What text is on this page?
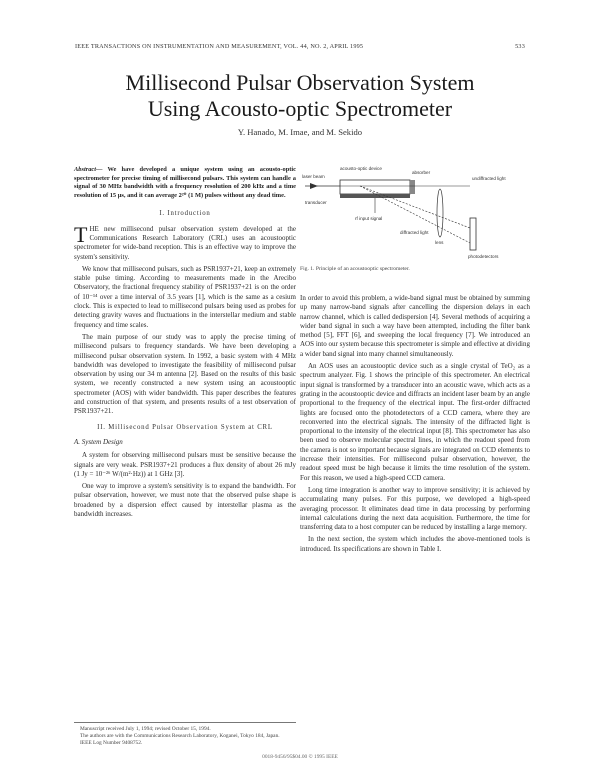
IEEE TRANSACTIONS ON INSTRUMENTATION AND MEASUREMENT, VOL. 44, NO. 2, APRIL 1995	533
Millisecond Pulsar Observation System
Using Acousto-optic Spectrometer
Y. Hanado, M. Imae, and M. Sekido
Abstract— We have developed a unique system using an acousto-optic spectrometer for precise timing of millisecond pulsars. This system can handle a signal of 30 MHz bandwidth with a frequency resolution of 200 kHz and a time resolution of 15 µs, and it can average 2²⁰ (1 M) pulses without any dead time.
I. Introduction

THE new millisecond pulsar observation system developed at the Communications Research Laboratory (CRL) uses an acoustooptic spectrometer for wide-band reception. This is an effective way to improve the system's sensitivity.

We know that millisecond pulsars, such as PSR1937+21, keep an extremely stable pulse timing. According to measurements made in the Arecibo Observatory, the fractional frequency stability of PSR1937+21 is on the order of 10⁻¹⁴ over a time interval of 3.5 years [1], which is the same as a cesium clock. This is expected to lead to millisecond pulsars being used as probes for detecting gravity waves and fluctuations in the interstellar medium and stable frequency and time scales.

The main purpose of our study was to apply the precise timing of millisecond pulsars to frequency standards. We have been developing a millisecond pulsar observation system. In 1992, a basic system with 4 MHz bandwidth was developed to investigate the feasibility of millisecond pulsar observation by using our 34 m antenna [2]. Based on the results of this basic system, we recently constructed a new system using an acoustooptic spectrometer (AOS) with wider bandwidth. This paper describes the features and construction of that system, and presents results of a test observation of PSR1937+21.

II. Millisecond Pulsar Observation System at CRL
A. System Design

A system for observing millisecond pulsars must be sensitive because the signals are very weak. PSR1937+21 produces a flux density of about 26 mJy (1 Jy = 10⁻²⁶ W/(m²·Hz)) at 1 GHz [3].

One way to improve a system's sensitivity is to expand the bandwidth. For pulsar observation, however, we must note that the observed pulse shape is broadened by a dispersion effect caused by interstellar plasma as the bandwidth increases.

acousto-optic device
laser beam
transducer
absorber
lens
rf input signal
undiffracted light
diffracted light
photodetectors
Fig. 1. Principle of an acoustooptic spectrometer.

In order to avoid this problem, a wide-band signal must be obtained by summing up many narrow-band signals after cancelling the dispersion delays in each narrow channel, which is called dedispersion [4]. Several methods of acquiring a wider band signal in such a way have been attempted, including the filter bank method [5], FFT [6], and sweeping the local frequency [7]. We introduced an AOS into our system because this spectrometer is simple and effective at dividing a wider band signal into many channel simultaneously.

An AOS uses an acoustooptic device such as a single crystal of TeO₂ as a spectrum analyzer. Fig. 1 shows the principle of this spectrometer. An electrical input signal is transformed by a transducer into an acoustic wave, which acts as a grating in the acoustooptic device and diffracts an incident laser beam by an angle proportional to the frequency of the electrical input. The first-order diffracted lights are focused onto the photodetectors of a CCD camera, where they are reconverted into the electrical signals. The intensity of the diffracted light is proportional to the intensity of the electrical input [8]. This spectrometer has also been used to observe molecular spectral lines, in which the readout speed from the camera is not so important because signals are integrated on CCD elements to increase their intensities. For millisecond pulsar observation, however, the readout speed must be high because it limits the time resolution of the system. For this reason, we used a high-speed CCD camera.

Long time integration is another way to improve sensitivity; it is achieved by accumulating many pulses. For this purpose, we developed a high-speed averaging processor. It eliminates dead time in data processing by performing internal calculations during the next data acquisition. Furthermore, the time for transferring data to a host computer can be reduced by installing a large memory.

In the next section, the system which includes the above-mentioned tools is introduced. Its specifications are shown in Table I.

Manuscript received July 1, 1994; revised October 15, 1994.

The authors are with the Communications Research Laboratory, Koganei, Tokyo 184, Japan.

IEEE Log Number 9408752.

0018-9456/95$04.00 © 1995 IEEE
